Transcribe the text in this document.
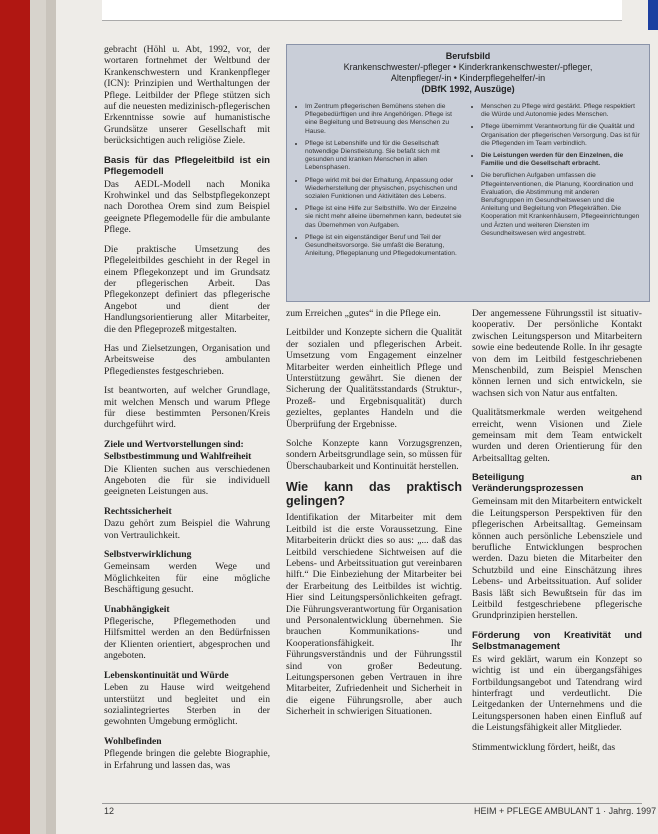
gebracht (Höhl u. Abt, 1992, vor, der wortaren fortnehmet der Weltbund der Krankenschwestern und Krankenpfleger (ICN): Prinzipien und Werthaltungen der Pflege. Leitbilder der Pflege stützen sich auf die neuesten medizinisch-pflegerischen Erkenntnisse sowie auf humanistische Grundsätze unserer Gesellschaft mit berücksichtigen auch religiöse Ziele.

Basis für das Pflegeleitbild ist ein Pflegemodell

Das AEDL-Modell nach Monika Krohwinkel und das Selbstpflegekonzept nach Dorothea Orem sind zum Beispiel geeignete Pflegemodelle für die ambulante Pflege.

Die praktische Umsetzung des Pflegeleitbildes geschieht in der Regel in einem Pflegekonzept und im Grundsatz der pflegerischen Arbeit. Das Pflegekonzept definiert das pflegerische Angebot und dient der Handlungsorientierung aller Mitarbeiter, die den Pflegeprozeß mitgestalten.

Has und Zielsetzungen, Organisation und Arbeitsweise des ambulanten Pflegedienstes festgeschrieben.

Ist beantworten, auf welcher Grundlage, mit welchen Mensch und warum Pflege für diese bestimmten Personen/Kreis durchgeführt wird.

Ziele und Wertvorstellungen sind:
Selbstbestimmung und Wahlfreiheit

Die Klienten suchen aus verschiedenen Angeboten die für sie individuell geeigneten Leistungen aus.

Rechtssicherheit

Dazu gehört zum Beispiel die Wahrung von Vertraulichkeit.

Selbstverwirklichung

Gemeinsam werden Wege und Möglichkeiten für eine mögliche Beschäftigung gesucht.

Unabhängigkeit

Pflegerische, Pflegemethoden und Hilfsmittel werden an den Bedürfnissen der Klienten orientiert, abgesprochen und angeboten.

Lebenskontinuität und Würde

Leben zu Hause wird weitgehend unterstützt und begleitet und ein sozialintegriertes Sterben in der gewohnten Umgebung ermöglicht.

Wohlbefinden

Pflegende bringen die gelebte Biographie, in Erfahrung und lassen das, was

Berufsbild
Krankenschwester/-pfleger • Kinderkrankenschwester/-pfleger,
Altenpfleger/-in • Kinderpflegehelfer/-in
(DBfK 1992, Auszüge)
• Im Zentrum pflegerischen Bemühens stehen die Pflegebedürftigen und ihre Angehörigen. Pflege ist eine Begleitung und Betreuung des Menschen zu Hause.
• Pflege ist Lebenshilfe und für die Gesellschaft notwendige Dienstleistung. Sie befaßt sich mit gesunden und kranken Menschen in allen Lebensphasen.
• Pflege wirkt mit bei der Erhaltung, Anpassung oder Wiederherstellung der physischen, psychischen und sozialen Funktionen und Aktivitäten des Lebens.
• Pflege ist eine Hilfe zur Selbsthilfe. Wo der Einzelne sie nicht mehr alleine übernehmen kann, bedeutet sie das Übernehmen von Aufgaben.
• Pflege ist ein eigenständiger Beruf und Teil der Gesundheitsvorsorge. Sie umfaßt die Beratung, Anleitung, Pflegeplanung und Pflegedokumentation.
• Menschen zu Pflege wird gestärkt. Pflege respektiert die Würde und Autonomie jedes Menschen.
• Pflege übernimmt Verantwortung für die Qualität und Organisation der pflegerischen Versorgung. Das ist für die Pflegenden im Team verbindlich.
• Die Leistungen werden für den Einzelnen, die Familie und die Gesellschaft erbracht.
• Die beruflichen Aufgaben umfassen die Pflegeinterventionen, die Planung, Koordination und Evaluation, die Abstimmung mit anderen Berufsgruppen im Gesundheitswesen und die Anleitung und Begleitung von Pflegekräften. Die Kooperation mit Krankenhäusern, Pflegeeinrichtungen und Ärzten und weiteren Diensten im Gesundheitswesen wird angestrebt.

zum Erreichen „gutes“ in die Pflege ein.

Leitbilder und Konzepte sichern die Qualität der sozialen und pflegerischen Arbeit. Umsetzung vom Engagement einzelner Mitarbeiter werden einheitlich Pflege und Unterstützung gewährt. Sie dienen der Sicherung der Qualitätsstandards (Struktur-, Prozeß- und Ergebnisqualität) durch gezieltes, geplantes Handeln und die Überprüfung der Ergebnisse.

Solche Konzepte kann Vorzugsgrenzen, sondern Arbeitsgrundlage sein, so müssen für Überschaubarkeit und Kontinuität herstellen.

Wie kann das praktisch gelingen?

Identifikation der Mitarbeiter mit dem Leitbild ist die erste Voraussetzung. Eine Mitarbeiterin drückt dies so aus: „... daß das Leitbild verschiedene Sichtweisen auf die Lebens- und Arbeitssituation gut vereinbaren hilft.“ Die Einbeziehung der Mitarbeiter bei der Erarbeitung des Leitbildes ist wichtig. Hier sind Leitungspersönlichkeiten gefragt. Die Führungsverantwortung für Organisation und Personalentwicklung übernehmen. Sie brauchen Kommunikations- und Kooperationsfähigkeit. Ihr Führungsverständnis und der Führungsstil sind von großer Bedeutung. Leitungspersonen geben Vertrauen in ihre Mitarbeiter, Zufriedenheit und Sicherheit in die eigene Führungsrolle, aber auch Sicherheit in schwierigen Situationen.

Der angemessene Führungsstil ist situativ-kooperativ. Der persönliche Kontakt zwischen Leitungsperson und Mitarbeitern sowie eine bedeutende Rolle. In ihr gesagte von dem im Leitbild festgeschriebenen Menschenbild, zum Beispiel Menschen können lernen und sich entwickeln, sie wachsen sich von Natur aus entfalten.

Qualitätsmerkmale werden weitgehend erreicht, wenn Visionen und Ziele gemeinsam mit dem Team entwickelt wurden und deren Orientierung für den Arbeitsalltag gelten.

Beteiligung an Veränderungsprozessen

Gemeinsam mit den Mitarbeitern entwickelt die Leitungsperson Perspektiven für den pflegerischen Arbeitsalltag. Gemeinsam können auch persönliche Lebensziele und berufliche Entwicklungen besprochen werden. Dazu bieten die Mitarbeiter den Schutzbild und eine Einschätzung ihres Lebens- und Arbeitssituation. Auf solider Basis läßt sich Bewußtsein für das im Leitbild festgeschriebene pflegerische Grundprinzipien herstellen.

Förderung von Kreativität und Selbstmanagement

Es wird geklärt, warum ein Konzept so wichtig ist und ein übergangsfähiges Fortbildungsangebot und Tatendrang wird hinterfragt und verdeutlicht. Die Leitgedanken der Unternehmens und die Leitungspersonen haben einen Einfluß auf die Leistungsfähigkeit aller Mitglieder.

Stimmentwicklung fördert, heißt, das

12	HEIM + PFLEGE AMBULANT 1 · Jahrg. 1997
